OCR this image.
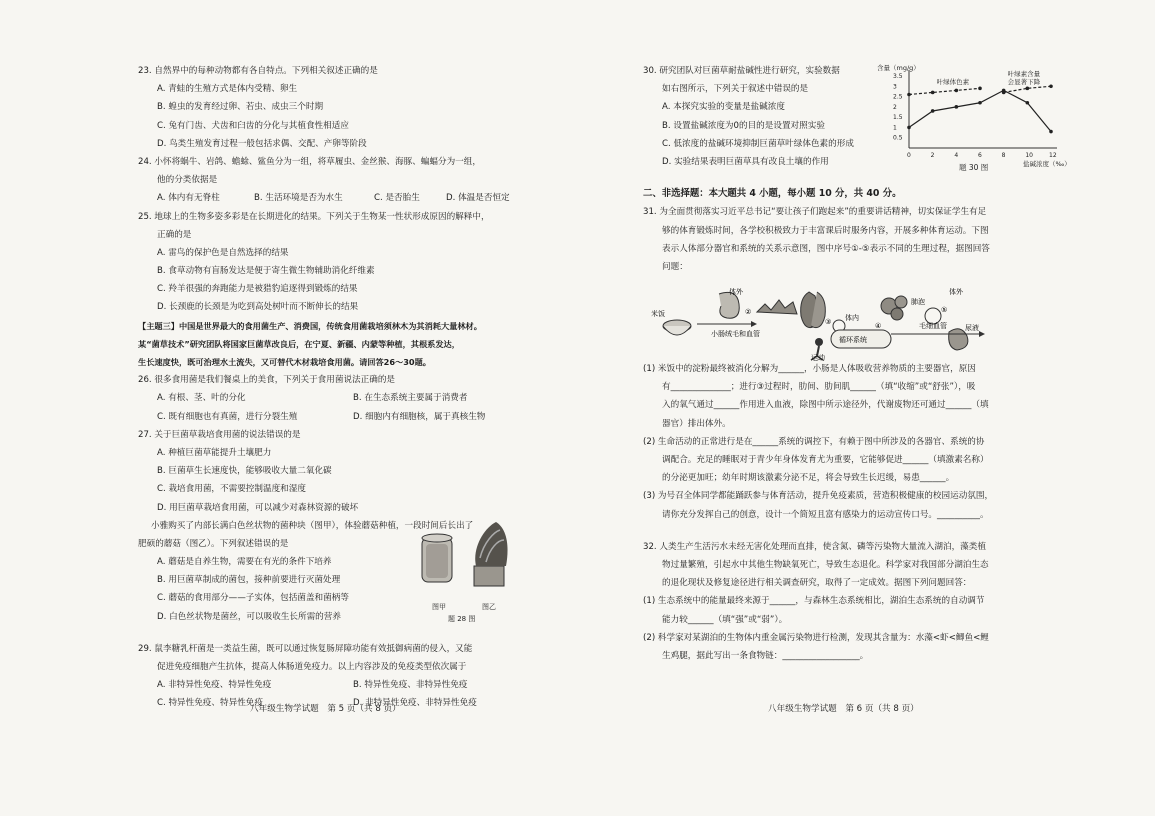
23. 自然界中的每种动物都有各自特点。下列相关叙述正确的是
A. 青蛙的生殖方式是体内受精、卵生
B. 蝗虫的发育经过卵、若虫、成虫三个时期
C. 兔有门齿、犬齿和臼齿的分化与其植食性相适应
D. 鸟类生殖发育过程一般包括求偶、交配、产卵等阶段
24. 小怀将蜗牛、岩鸽、蟾蜍、鲨鱼分为一组，将草履虫、金丝猴、海豚、蝙蝠分为一组，
他的分类依据是
A. 体内有无脊柱	B. 生活环境是否为水生	C. 是否胎生	D. 体温是否恒定
25. 地球上的生物多姿多彩是在长期进化的结果。下列关于生物某一性状形成原因的解释中，
正确的是
A. 雷鸟的保护色是自然选择的结果
B. 食草动物有盲肠发达是便于寄生微生物辅助消化纤维素
C. 羚羊很强的奔跑能力是被猎豹追逐得到锻炼的结果
D. 长颈鹿的长颈是为吃到高处树叶而不断伸长的结果
【主题三】中国是世界最大的食用菌生产、消费国，传统食用菌栽培须林木为其消耗大量林材。
某“菌草技术”研究团队将国家巨菌草改良后，在宁夏、新疆、内蒙等种植，其根系发达，
生长速度快，既可治理水土流失，又可替代木材栽培食用菌。请回答26～30题。
26. 很多食用菌是我们餐桌上的美食，下列关于食用菌说法正确的是
A. 有根、茎、叶的分化	B. 在生态系统主要属于消费者
C. 既有细胞也有真菌，进行分裂生殖	D. 细胞内有细胞核，属于真核生物
27. 关于巨菌草栽培食用菌的说法错误的是
A. 种植巨菌草能提升土壤肥力
B. 巨菌草生长速度快，能够吸收大量二氧化碳
C. 栽培食用菌，不需要控制温度和湿度
D. 用巨菌草栽培食用菌，可以减少对森林资源的破坏
小雅购买了内部长满白色丝状物的菌种块（图甲），体验蘑菇种植，一段时间后长出了
肥硕的蘑菇（图乙）。下列叙述错误的是
A. 蘑菇是自养生物，需要在有光的条件下培养
B. 用巨菌草制成的菌包，接种前要进行灭菌处理
C. 蘑菇的食用部分——子实体，包括菌盖和菌柄等
D. 白色丝状物是菌丝，可以吸收生长所需的营养
29. 鼠李糖乳杆菌是一类益生菌，既可以通过恢复肠屏障功能有效抵御病菌的侵入，又能
促进免疫细胞产生抗体，提高人体肠道免疫力。以上内容涉及的免疫类型依次属于
A. 非特异性免疫、特异性免疫	B. 特异性免疫、非特异性免疫
C. 特异性免疫、特异性免疫	D. 非特异性免疫、非特异性免疫
图甲	图乙
题 28 图
八年级生物学试题　第 5 页（共 8 页）
30. 研究团队对巨菌草耐盐碱性进行研究，实验数据
如右图所示，下列关于叙述中错误的是
A. 本探究实验的变量是盐碱浓度
B. 设置盐碱浓度为0的目的是设置对照实验
C. 低浓度的盐碱环境抑制巨菌草叶绿体色素的形成
D. 实验结果表明巨菌草具有改良土壤的作用
二、非选择题：本大题共 4 小题，每小题 10 分，共 40 分。
31. 为全面贯彻落实习近平总书记“要让孩子们跑起来”的重要讲话精神，切实保证学生有足
够的体育锻炼时间，各学校积极致力于丰富课后时服务内容，开展多种体育运动。下图
表示人体部分器官和系统的关系示意图，图中序号①-⑤表示不同的生理过程，据图回答
问题：
(1) 米饭中的淀粉最终被消化分解为______，小肠是人体吸收营养物质的主要器官，原因
有______________；进行③过程时，肋间、肋间肌______（填“收缩”或“舒张”），吸
入的氧气通过______作用进入血液，除图中所示途径外，代谢废物还可通过______（填
器官）排出体外。
(2) 生命活动的正常进行是在______系统的调控下，有赖于图中所涉及的各器官、系统的协
调配合。充足的睡眠对于青少年身体发育尤为重要，它能够促进______（填激素名称）
的分泌更加旺；幼年时期该激素分泌不足，将会导致生长迟缓，易患______。
(3) 为号召全体同学都能踊跃参与体育活动，提升免疫素质，营造积极健康的校园运动氛围，
请你充分发挥自己的创意，设计一个简短且富有感染力的运动宣传口号。__________。
32. 人类生产生活污水未经无害化处理而直排，使含氮、磷等污染物大量流入湖泊，藻类植
物过量繁殖，引起水中其他生物缺氧死亡，导致生态退化。科学家对我国部分湖泊生态
的退化现状及修复途径进行相关调查研究，取得了一定成效。据图下列问题回答：
(1) 生态系统中的能量最终来源于______，与森林生态系统相比，湖泊生态系统的自动调节
能力较______（填“强”或“弱”）。
(2) 科学家对某湖泊的生物体内重金属污染物进行检测，发现其含量为：水藻<虾<鲫鱼<鲤
生鸡腿，据此写出一条食物链：__________________。
含量（mg/g）
盐碱浓度（‰）
0.5
1
1.5
2
2.5
3
3.5
0	2	4	6	8	10	12
叶绿体色素
叶绿素含量
会显著下降
题 30 图
体外
米饭
小肠绒毛和血管
体内
循环系统
运动
肺泡
毛细血管
体外
尿液
②
③	④
⑤
八年级生物学试题　第 6 页（共 8 页）
